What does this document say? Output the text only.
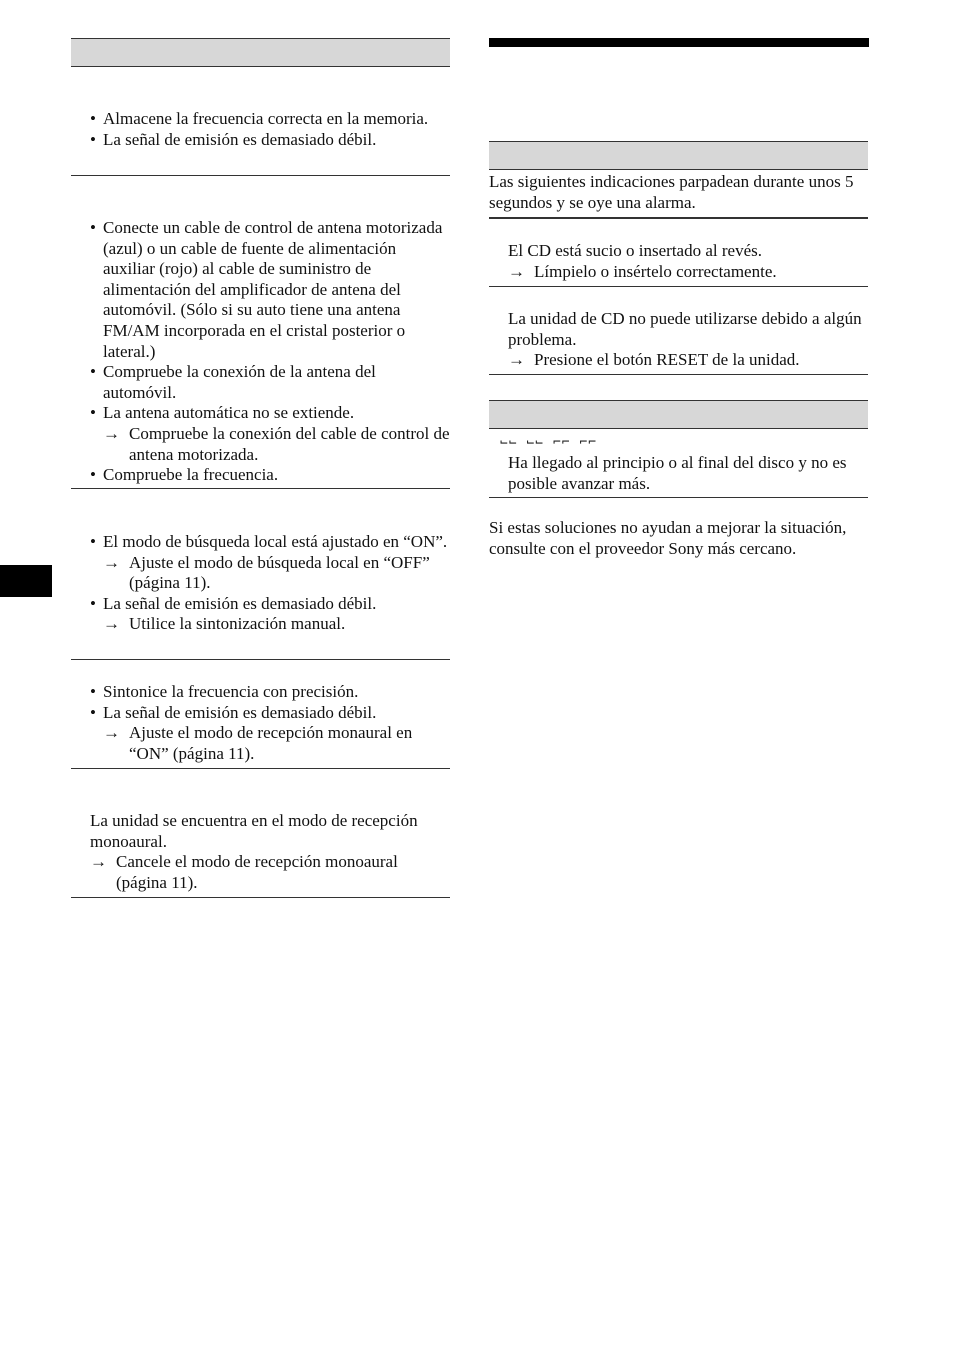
• Almacene la frecuencia correcta en la memoria.
• La señal de emisión es demasiado débil.
• Conecte un cable de control de antena motorizada (azul) o un cable de fuente de alimentación auxiliar (rojo) al cable de suministro de alimentación del amplificador de antena del automóvil. (Sólo si su auto tiene una antena FM/AM incorporada en el cristal posterior o lateral.)
• Compruebe la conexión de la antena del automóvil.
• La antena automática no se extiende.
→ Compruebe la conexión del cable de control de antena motorizada.
• Compruebe la frecuencia.
• El modo de búsqueda local está ajustado en “ON”.
→ Ajuste el modo de búsqueda local en “OFF” (página 11).
• La señal de emisión es demasiado débil.
→ Utilice la sintonización manual.
• Sintonice la frecuencia con precisión.
• La señal de emisión es demasiado débil.
→ Ajuste el modo de recepción monaural en “ON” (página 11).

La unidad se encuentra en el modo de recepción monoaural.

→ Cancele el modo de recepción monoaural (página 11).

Las siguientes indicaciones parpadean durante unos 5 segundos y se oye una alarma.

El CD está sucio o insertado al revés.

→ Límpielo o insértelo correctamente.

La unidad de CD no puede utilizarse debido a algún problema.

→ Presione el botón RESET de la unidad.
⌙⌙ ⌙⌙ ⌐⌐ ⌐⌐

Ha llegado al principio o al final del disco y no es posible avanzar más.

Si estas soluciones no ayudan a mejorar la situación, consulte con el proveedor Sony más cercano.
